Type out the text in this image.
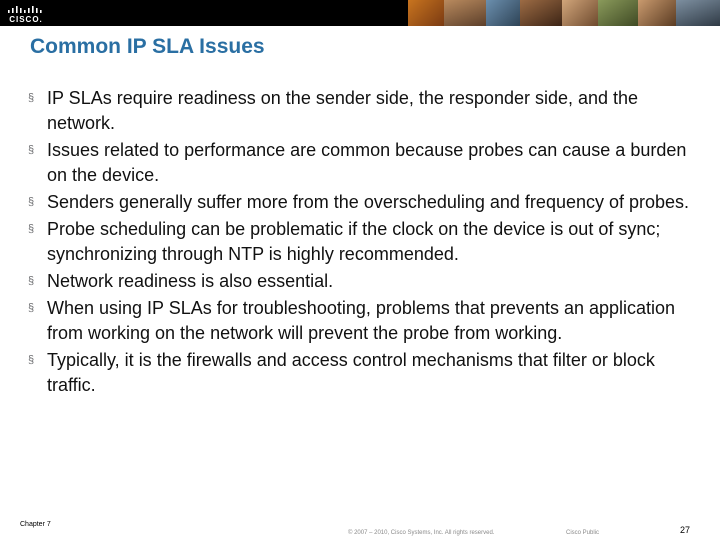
CISCO.
Common IP SLA Issues
§ IP SLAs require readiness on the sender side, the responder side, and the network.
§ Issues related to performance are common because probes can cause a burden on the device.
§ Senders generally suffer more from the overscheduling and frequency of probes.
§ Probe scheduling can be problematic if the clock on the device is out of sync; synchronizing through NTP is highly recommended.
§ Network readiness is also essential.
§ When using IP SLAs for troubleshooting, problems that prevents an application from working on the network will prevent the probe from working.
§ Typically, it is the firewalls and access control mechanisms that filter or block traffic.
Chapter 7
© 2007 – 2010, Cisco Systems, Inc. All rights reserved.	Cisco Public	27
